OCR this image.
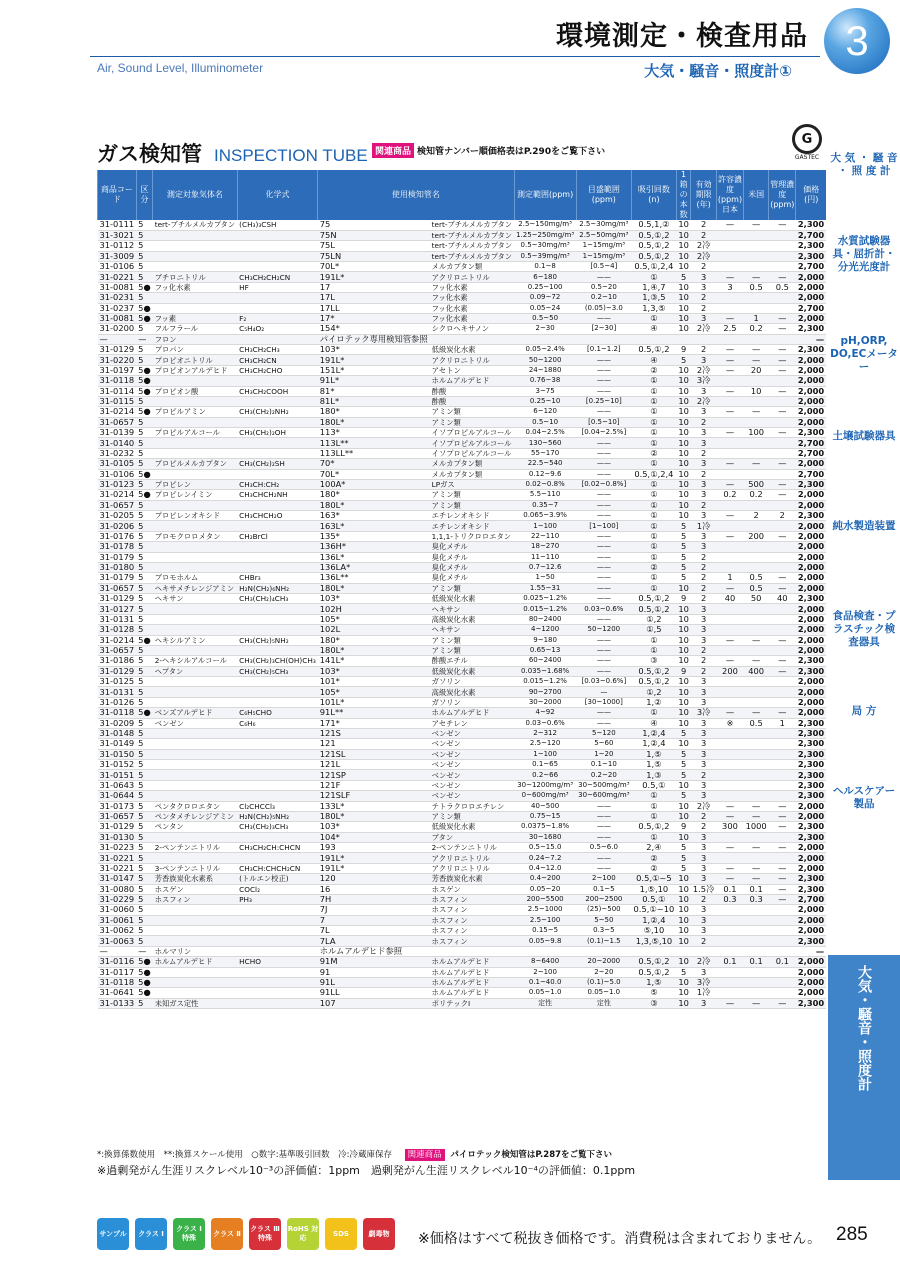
環境測定・検査用品
Air, Sound Level, Illuminometer	大気・騒音・照度計①
3
ガス検知管 INSPECTION TUBE 関連商品 検知管ナンバー順価格表はP.290をご覧下さい
G
GASTEC	大 気 ・ 騒 音 ・ 照 度 計
水質試験器具・屈折計・分光光度計
pH,ORP, DO,ECメーター
土壌試験器具
純水製造装置
食品検査・プラスチック検査器具
局 方
ヘルスケアー製品
大気・騒音・照度計
商品コード	区分	測定対象気体名	化学式	使用検知管名		測定範囲(ppm)	目盛範囲(ppm)	吸引回数(n)	1箱の本数	有効期限(年)	許容濃度(ppm) 日本	米国	管理濃度(ppm)	価格(円)
31-0111	5	tert-ブチルメルカプタン	(CH₃)₃CSH	75	tert-ブチルメルカプタン	2.5~150mg/m³	2.5~30mg/m³	0.5,1,②	10	2	—	—	—	2,300
31-3021	5			75N	tert-ブチルメルカプタン	1.25~250mg/m³	2.5~50mg/m³	0.5,①,2	10	2				2,700
31-0112	5			75L	tert-ブチルメルカプタン	0.5~30mg/m³	1~15mg/m³	0.5,①,2	10	2冷				2,300
31-3009	5			75LN	tert-ブチルメルカプタン	0.5~39mg/m³	1~15mg/m³	0.5,①,2	10	2冷				2,300
31-0106	5			70L*	メルカプタン類	0.1~8	[0.5~4]	0.5,①,2,4	10	2				2,700
31-0221	5	ブチロニトリル	CH₃CH₂CH₂CN	191L*	アクリロニトリル	6~180	——	①	5	3	—	—	—	2,000
31-0081	5●	フッ化水素	HF	17	フッ化水素	0.25~100	0.5~20	1,④,7	10	3	3	0.5	0.5	2,000
31-0231	5			17L	フッ化水素	0.09~72	0.2~10	1,③,5	10	2				2,000
31-0237	5●			17LL	フッ化水素	0.05~24	(0.05)~3.0	1,3,⑤	10	2				2,700
31-0081	5●	フッ素	F₂	17*	フッ化水素	0.5~50	——	①	10	3	—	1	—	2,000
31-0200	5	フルフラール	C₅H₄O₂	154*	シクロヘキサノン	2~30	[2~30]	④	10	2冷	2.5	0.2	—	2,300
—	—	フロン		パイロテック専用検知管参照										—
31-0129	5	プロパン	CH₃CH₂CH₃	103*	低級炭化水素	0.05~2.4%	[0.1~1.2]	0.5,①,2	9	2	—	—	—	2,300
31-0220	5	プロピオニトリル	CH₃CH₂CN	191L*	アクリロニトリル	50~1200	——	④	5	3	—	—	—	2,000
31-0197	5●	プロピオンアルデヒド	CH₃CH₂CHO	151L*	アセトン	24~1880	——	②	10	2冷	—	20	—	2,000
31-0118	5●			91L*	ホルムアルデヒド	0.76~38	——	①	10	3冷				2,000
31-0114	5●	プロピオン酸	CH₃CH₂COOH	81*	酢酸	3~75	——	①	10	3	—	10	—	2,000
31-0115	5			81L*	酢酸	0.25~10	[0.25~10]	①	10	2冷				2,000
31-0214	5●	プロピルアミン	CH₃(CH₂)₂NH₂	180*	アミン類	6~120	——	①	10	3	—	—	—	2,000
31-0657	5			180L*	アミン類	0.5~10	[0.5~10]	①	10	2				2,000
31-0139	5	プロピルアルコール	CH₃(CH₂)₂OH	113*	イソプロピルアルコール	0.04~2.5%	[0.04~2.5%]	①	10	3	—	100	—	2,300
31-0140	5			113L**	イソプロピルアルコール	130~560	——	①	10	3				2,700
31-0232	5			113LL**	イソプロピルアルコール	55~170	——	②	10	2				2,700
31-0105	5	プロピルメルカプタン	CH₃(CH₂)₂SH	70*	メルカプタン類	22.5~540	——	①	10	3	—	—	—	2,000
31-0106	5●			70L*	メルカプタン類	0.12~9.6	——	0.5,①,2,4	10	2				2,700
31-0123	5	プロピレン	CH₃CH:CH₂	100A*	LPガス	0.02~0.8%	[0.02~0.8%]	①	10	3	—	500	—	2,300
31-0214	5●	プロピレンイミン	CH₃CHCH₂NH	180*	アミン類	5.5~110	——	①	10	3	0.2	0.2	—	2,000
31-0657	5			180L*	アミン類	0.35~7	——	①	10	2				2,000
31-0205	5	プロピレンオキシド	CH₃CHCH₂O	163*	エチレンオキシド	0.065~3.9%	——	①	10	3	—	2	2	2,300
31-0206	5			163L*	エチレンオキシド	1~100	[1~100]	①	5	1冷				2,000
31-0176	5	ブロモクロロメタン	CH₂BrCl	135*	1,1,1-トリクロロエタン	22~110	——	①	5	3	—	200	—	2,000
31-0178	5			136H*	臭化メチル	18~270	——	①	5	3				2,000
31-0179	5			136L*	臭化メチル	11~110	——	①	5	2				2,000
31-0180	5			136LA*	臭化メチル	0.7~12.6	——	②	5	2				2,000
31-0179	5	ブロモホルム	CHBr₃	136L**	臭化メチル	1~50	——	①	5	2	1	0.5	—	2,000
31-0657	5	ヘキサメチレンジアミン	H₂N(CH₂)₆NH₂	180L*	アミン類	1.55~31	——	①	10	2	—	0.5	—	2,000
31-0129	5	ヘキサン	CH₃(CH₂)₄CH₃	103*	低級炭化水素	0.025~1.2%	——	0.5,①,2	9	2	40	50	40	2,300
31-0127	5			102H	ヘキサン	0.015~1.2%	0.03~0.6%	0.5,①,2	10	3				2,000
31-0131	5			105*	高級炭化水素	80~2400	——	①,2	10	3				2,000
31-0128	5			102L	ヘキサン	4~1200	50~1200	①,5	10	3				2,000
31-0214	5●	ヘキシルアミン	CH₃(CH₂)₅NH₂	180*	アミン類	9~180	——	①	10	3	—	—	—	2,000
31-0657	5			180L*	アミン類	0.65~13	——	①	10	2				2,000
31-0186	5	2-ヘキシルアルコール	CH₃(CH₂)₃CH(OH)CH₃	141L*	酢酸エチル	60~2400	——	③	10	2	—	—	—	2,300
31-0129	5	ヘプタン	CH₃(CH₂)₅CH₃	103*	低級炭化水素	0.035~1.68%	——	0.5,①,2	9	2	200	400	—	2,300
31-0125	5			101*	ガソリン	0.015~1.2%	[0.03~0.6%]	0.5,①,2	10	3				2,000
31-0131	5			105*	高級炭化水素	90~2700	—	①,2	10	3				2,000
31-0126	5			101L*	ガソリン	30~2000	[30~1000]	1,②	10	3				2,000
31-0118	5●	ベンズアルデヒド	C₆H₅CHO	91L**	ホルムアルデヒド	4~92	——	①	10	3冷	—	—	—	2,000
31-0209	5	ベンゼン	C₆H₆	171*	アセチレン	0.03~0.6%	——	④	10	3	※	0.5	1	2,300
31-0148	5			121S	ベンゼン	2~312	5~120	1,②,4	5	3				2,300
31-0149	5			121	ベンゼン	2.5~120	5~60	1,②,4	10	3				2,300
31-0150	5			121SL	ベンゼン	1~100	1~20	1,⑤	5	3				2,300
31-0152	5			121L	ベンゼン	0.1~65	0.1~10	1,⑤	5	3				2,300
31-0151	5			121SP	ベンゼン	0.2~66	0.2~20	1,③	5	2				2,300
31-0643	5			121F	ベンゼン	30~1200mg/m³	30~500mg/m³	0.5,①	10	3				2,300
31-0644	5			121SLF	ベンゼン	0~600mg/m³	30~600mg/m³	①	5	3				2,300
31-0173	5	ペンタクロロエタン	Cl₂CHCCl₃	133L*	テトラクロロエチレン	40~500	——	①	10	2冷	—	—	—	2,000
31-0657	5	ペンタメチレンジアミン	H₂N(CH₂)₅NH₂	180L*	アミン類	0.75~15	——	①	10	2	—	—	—	2,000
31-0129	5	ペンタン	CH₃(CH₂)₃CH₃	103*	低級炭化水素	0.0375~1.8%	——	0.5,①,2	9	2	300	1000	—	2,300
31-0130	5			104*	ブタン	30~1680	——	①	10	3				2,300
31-0223	5	2-ペンテンニトリル	CH₃CH₂CH:CHCN	193	2-ペンテンニトリル	0.5~15.0	0.5~6.0	2,④	5	3	—	—	—	2,000
31-0221	5			191L*	アクリロニトリル	0.24~7.2	——	②	5	3				2,000
31-0221	5	3-ペンテンニトリル	CH₃CH:CHCH₂CN	191L*	アクリロニトリル	0.4~12.0	——	②	5	3	—	—	—	2,000
31-0147	5	芳香族炭化水素系	(トルエン校正)	120	芳香族炭化水素	0.4~200	2~100	0.5,①~5	10	3	—	—	—	2,300
31-0080	5	ホスゲン	COCl₂	16	ホスゲン	0.05~20	0.1~5	1,⑤,10	10	1.5冷	0.1	0.1	—	2,300
31-0229	5	ホスフィン	PH₃	7H	ホスフィン	200~5500	200~2500	0.5,①	10	2	0.3	0.3	—	2,700
31-0060	5			7J	ホスフィン	2.5~1000	(25)~500	0.5,①~10	10	3				2,000
31-0061	5			7	ホスフィン	2.5~100	5~50	1,②,4	10	3				2,000
31-0062	5			7L	ホスフィン	0.15~5	0.3~5	⑤,10	10	3				2,000
31-0063	5			7LA	ホスフィン	0.05~9.8	(0.1)~1.5	1,3,⑤,10	10	2				2,300
—	—	ホルマリン		ホルムアルデヒド参照										—
31-0116	5●	ホルムアルデヒド	HCHO	91M	ホルムアルデヒド	8~6400	20~2000	0.5,①,2	10	2冷	0.1	0.1	0.1	2,000
31-0117	5●			91	ホルムアルデヒド	2~100	2~20	0.5,①,2	5	3				2,000
31-0118	5●			91L	ホルムアルデヒド	0.1~40.0	(0.1)~5.0	1,⑤	10	3冷				2,000
31-0641	5●			91LL	ホルムアルデヒド	0.05~1.0	0.05~1.0	⑤	10	1冷				2,000
31-0133	5	未知ガス定性		107	ポリテックⅠ	定性	定性	③	10	3	—	—	—	2,300
*:換算係数使用　**:換算スケール使用　○数字:基準吸引回数　冷:冷蔵庫保存 関連商品 パイロテック検知管はP.287をご覧下さい
※過剰発がん生涯リスクレベル10⁻³の評価値：1ppm　過剰発がん生涯リスクレベル10⁻⁴の評価値：0.1ppm
サンプル	クラス Ⅰ
クラス Ⅰ特殊
クラス Ⅱ
クラス Ⅲ特殊
RoHS 対応
SDS	劇毒物	※価格はすべて税抜き価格です。消費税は含まれておりません。 285
